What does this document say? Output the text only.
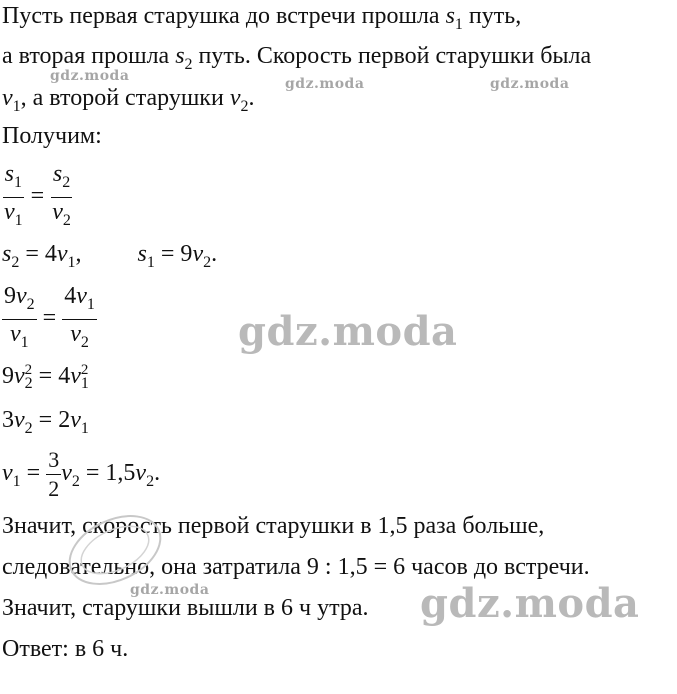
Пусть первая старушка до встречи прошла $s_1$ путь,
а вторая прошла $s_2$ путь. Скорость первой старушки была
$v_1$, а второй старушки $v_2$.
Получим:
$\frac{s_1}{v_1} = \frac{s_2}{v_2}$
$s_2 = 4v_1$, $s_1 = 9v_2$.
$\frac{9v_2}{v_1} = \frac{4v_1}{v_2}$
9v 2
2 = 4v 2
1
$3v_2 = 2v_1$
$v_1 = \frac{3}{2} v_2 = 1,5v_2$.
Значит, скорость первой старушки в 1,5 раза больше,
следовательно, она затратила 9 : 1,5 = 6 часов до встречи.
Значит, старушки вышли в 6 ч утра.
Ответ: в 6 ч.
gdz.moda	gdz.moda	gdz.moda
gdz.moda
gdz.moda
gdz.moda
